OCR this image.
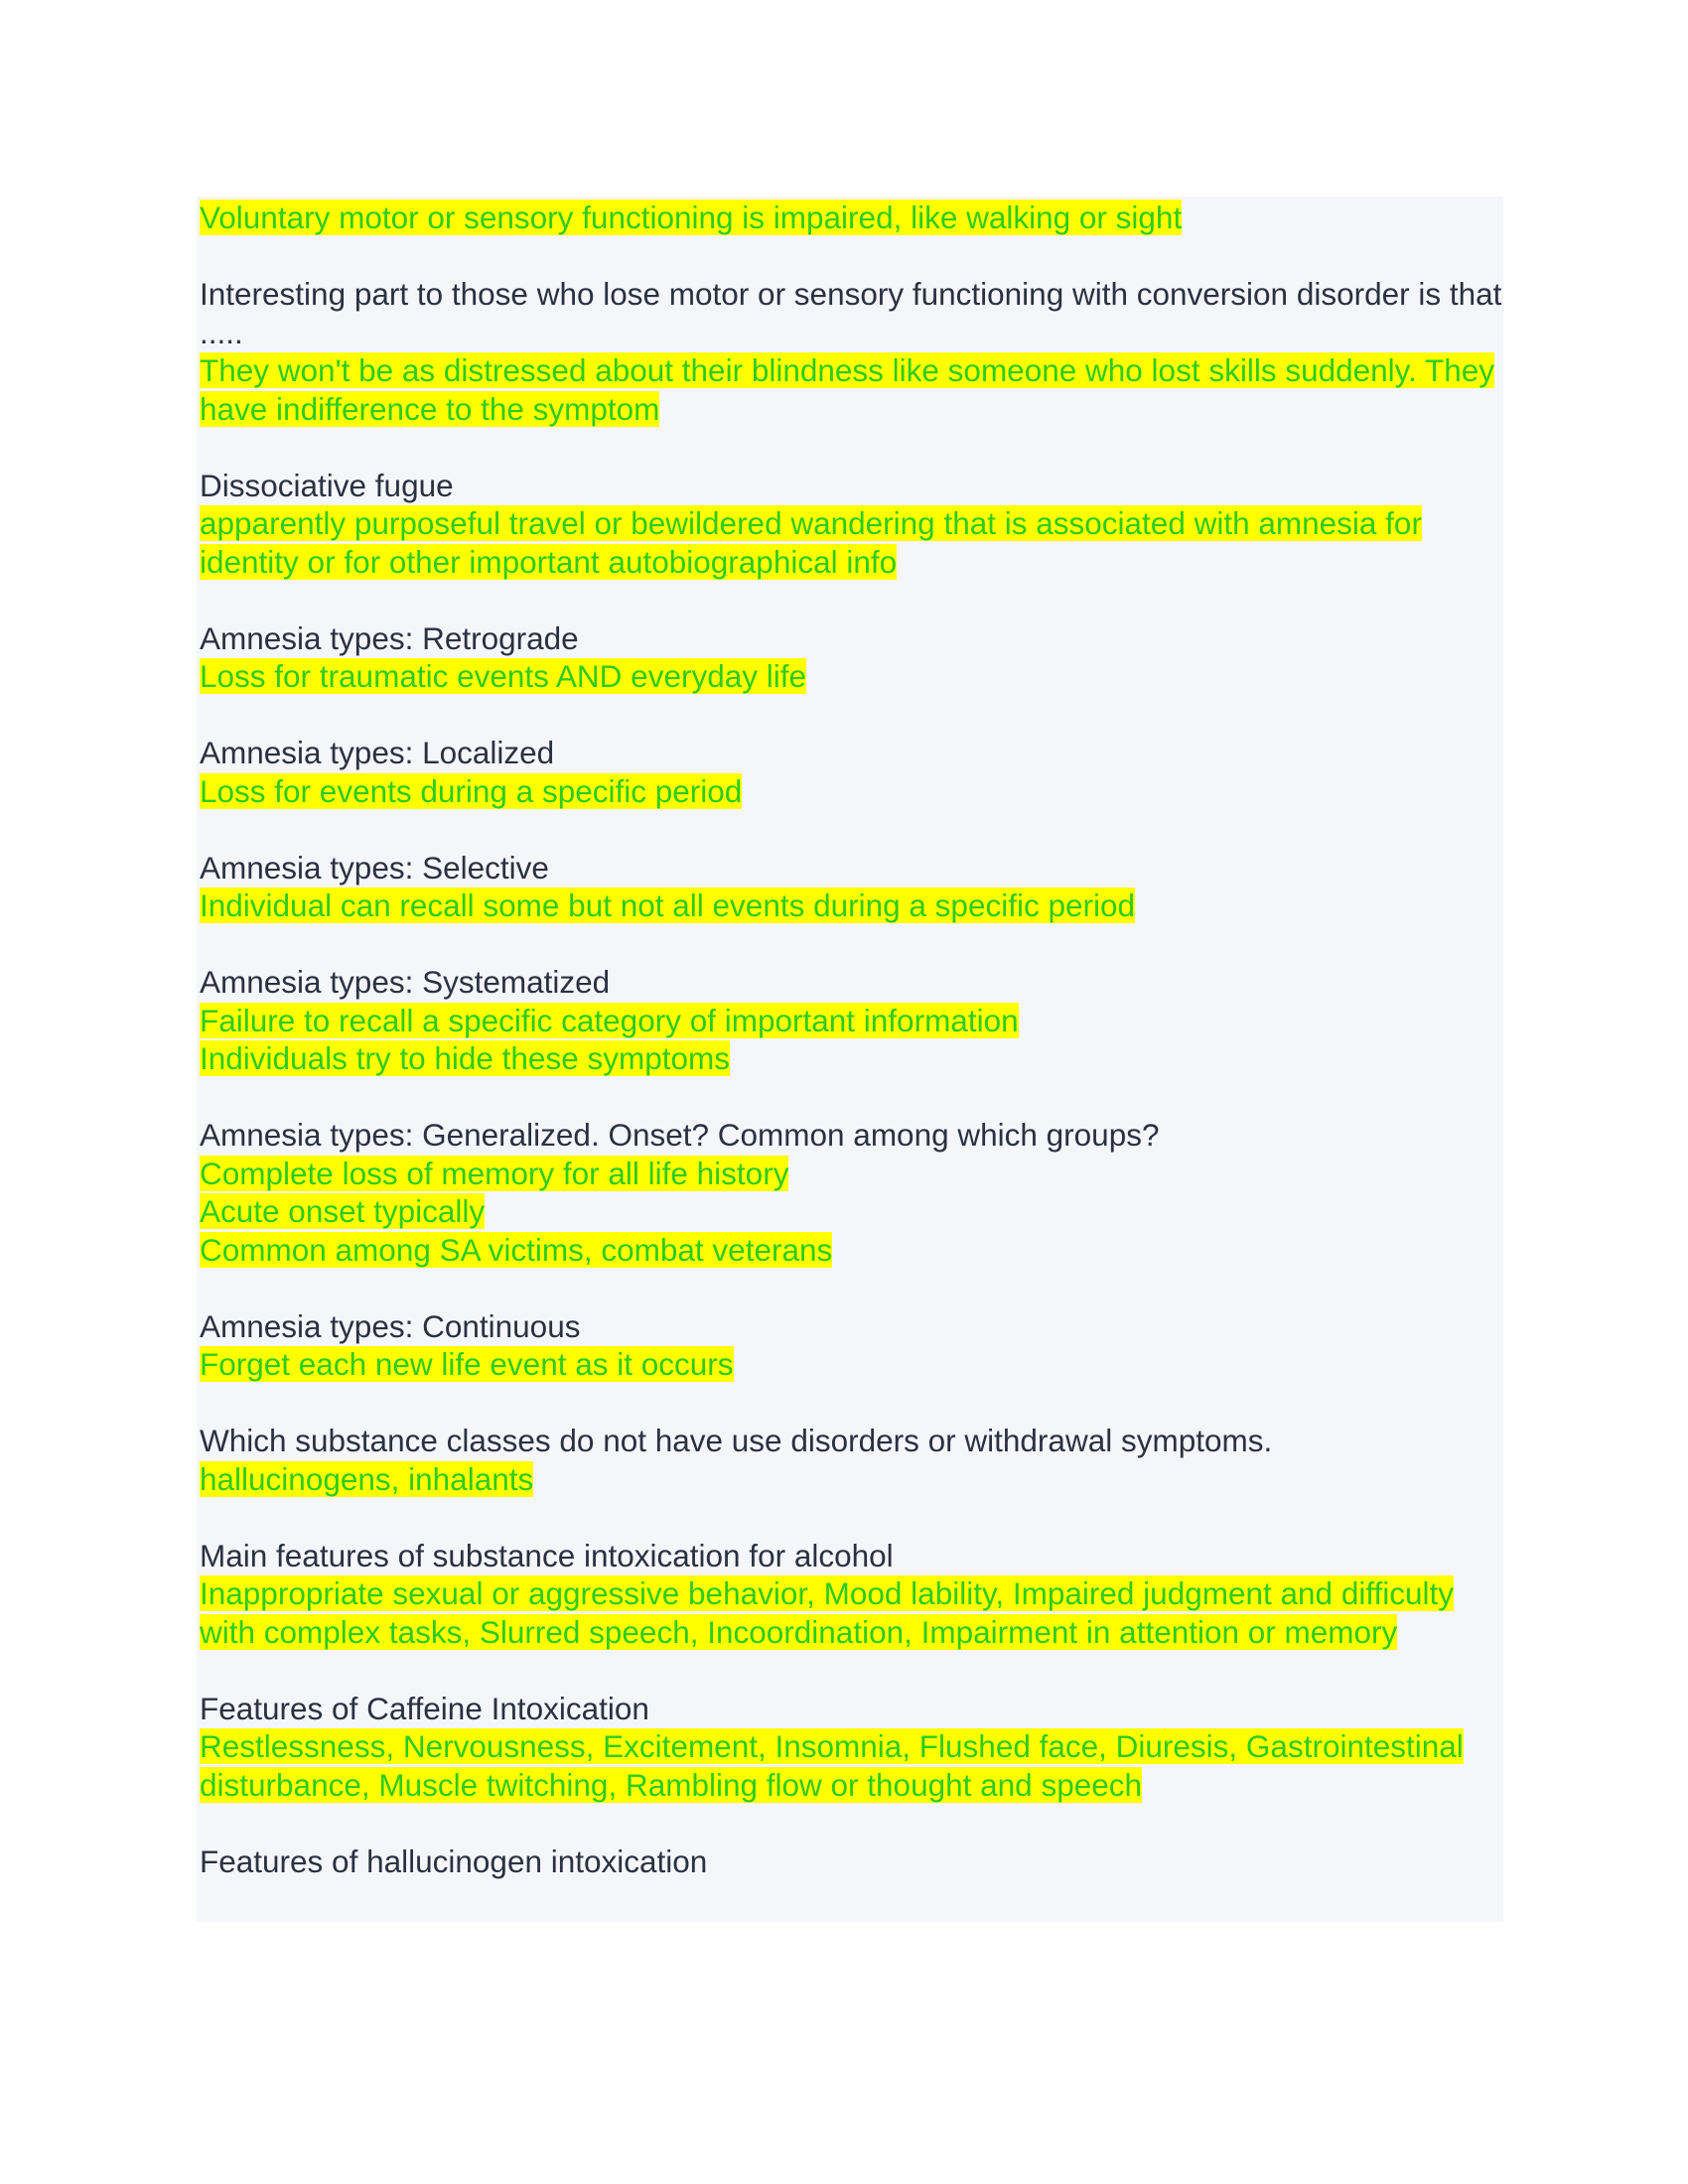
Voluntary motor or sensory functioning is impaired, like walking or sight
Interesting part to those who lose motor or sensory functioning with conversion disorder is that .....
They won't be as distressed about their blindness like someone who lost skills suddenly. They have indifference to the symptom
Dissociative fugue
apparently purposeful travel or bewildered wandering that is associated with amnesia for identity or for other important autobiographical info
Amnesia types: Retrograde
Loss for traumatic events AND everyday life
Amnesia types: Localized
Loss for events during a specific period
Amnesia types: Selective
Individual can recall some but not all events during a specific period
Amnesia types: Systematized
Failure to recall a specific category of important information
Individuals try to hide these symptoms
Amnesia types: Generalized. Onset? Common among which groups?
Complete loss of memory for all life history
Acute onset typically
Common among SA victims, combat veterans
Amnesia types: Continuous
Forget each new life event as it occurs
Which substance classes do not have use disorders or withdrawal symptoms.
hallucinogens, inhalants
Main features of substance intoxication for alcohol
Inappropriate sexual or aggressive behavior, Mood lability, Impaired judgment and difficulty with complex tasks, Slurred speech, Incoordination, Impairment in attention or memory
Features of Caffeine Intoxication
Restlessness, Nervousness, Excitement, Insomnia, Flushed face, Diuresis, Gastrointestinal disturbance, Muscle twitching, Rambling flow or thought and speech
Features of hallucinogen intoxication
